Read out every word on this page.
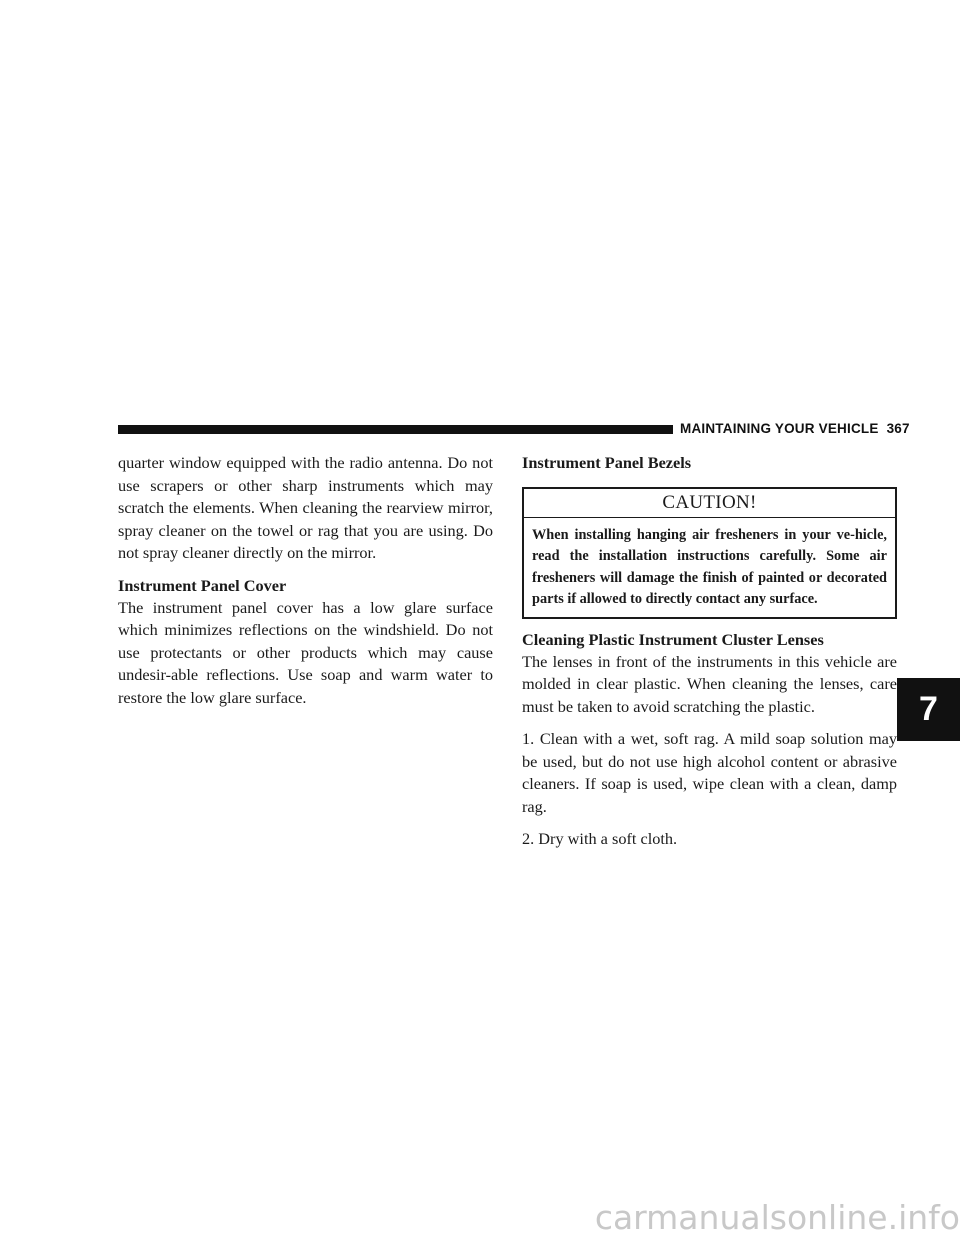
MAINTAINING YOUR VEHICLE 367

quarter window equipped with the radio antenna. Do not use scrapers or other sharp instruments which may scratch the elements. When cleaning the rearview mirror, spray cleaner on the towel or rag that you are using. Do not spray cleaner directly on the mirror.

Instrument Panel Cover

The instrument panel cover has a low glare surface which minimizes reflections on the windshield. Do not use protectants or other products which may cause undesir-able reflections. Use soap and warm water to restore the low glare surface.

Instrument Panel Bezels
CAUTION!
When installing hanging air fresheners in your ve-hicle, read the installation instructions carefully. Some air fresheners will damage the finish of painted or decorated parts if allowed to directly contact any surface.
Cleaning Plastic Instrument Cluster Lenses

The lenses in front of the instruments in this vehicle are molded in clear plastic. When cleaning the lenses, care must be taken to avoid scratching the plastic.

1. Clean with a wet, soft rag. A mild soap solution may be used, but do not use high alcohol content or abrasive cleaners. If soap is used, wipe clean with a clean, damp rag.

2. Dry with a soft cloth.

7
carmanualsonline.info
